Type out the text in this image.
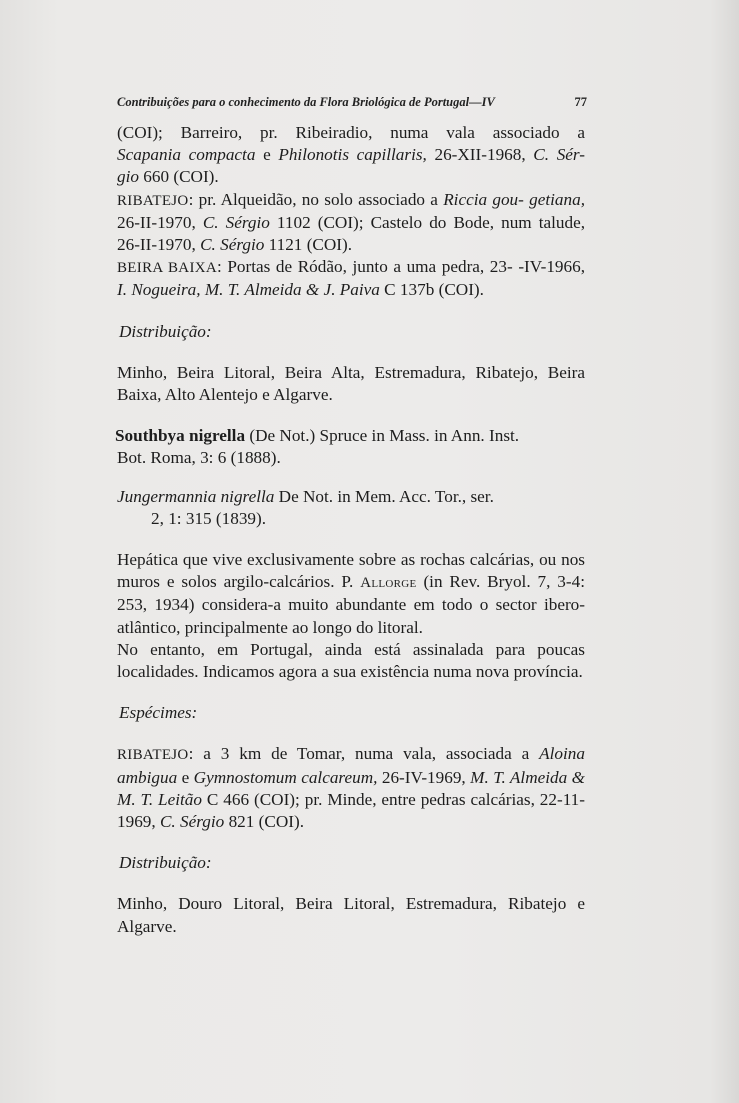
Contribuições para o conhecimento da Flora Briológica de Portugal—IV	77

(COI); Barreiro, pr. Ribeiradio, numa vala associado a

Scapania compacta e Philonotis capillaris, 26-XII-1968, C. Sér-

gio 660 (COI).

RIBATEJO: pr. Alqueidão, no solo associado a Riccia gou- getiana, 26-II-1970, C. Sérgio 1102 (COI); Castelo do Bode, num talude, 26-II-1970, C. Sérgio 1121 (COI).

BEIRA BAIXA: Portas de Ródão, junto a uma pedra, 23- -IV-1966, I. Nogueira, M. T. Almeida & J. Paiva C 137b (COI).

Distribuição:

Minho, Beira Litoral, Beira Alta, Estremadura, Ribatejo, Beira Baixa, Alto Alentejo e Algarve.

Southbya nigrella (De Not.) Spruce in Mass. in Ann. Inst.

Bot. Roma, 3: 6 (1888).

Jungermannia nigrella De Not. in Mem. Acc. Tor., ser.

2, 1: 315 (1839).

Hepática que vive exclusivamente sobre as rochas calcárias, ou nos muros e solos argilo-calcários. P. Allorge (in Rev. Bryol. 7, 3-4: 253, 1934) considera-a muito abundante em todo o sector ibero-atlântico, principalmente ao longo do litoral.

No entanto, em Portugal, ainda está assinalada para poucas localidades. Indicamos agora a sua existência numa nova província.

Espécimes:

RIBATEJO: a 3 km de Tomar, numa vala, associada a Aloina ambigua e Gymnostomum calcareum, 26-IV-1969, M. T. Almeida & M. T. Leitão C 466 (COI); pr. Minde, entre pedras calcárias, 22-11-1969, C. Sérgio 821 (COI).

Distribuição:

Minho, Douro Litoral, Beira Litoral, Estremadura, Ribatejo e Algarve.
